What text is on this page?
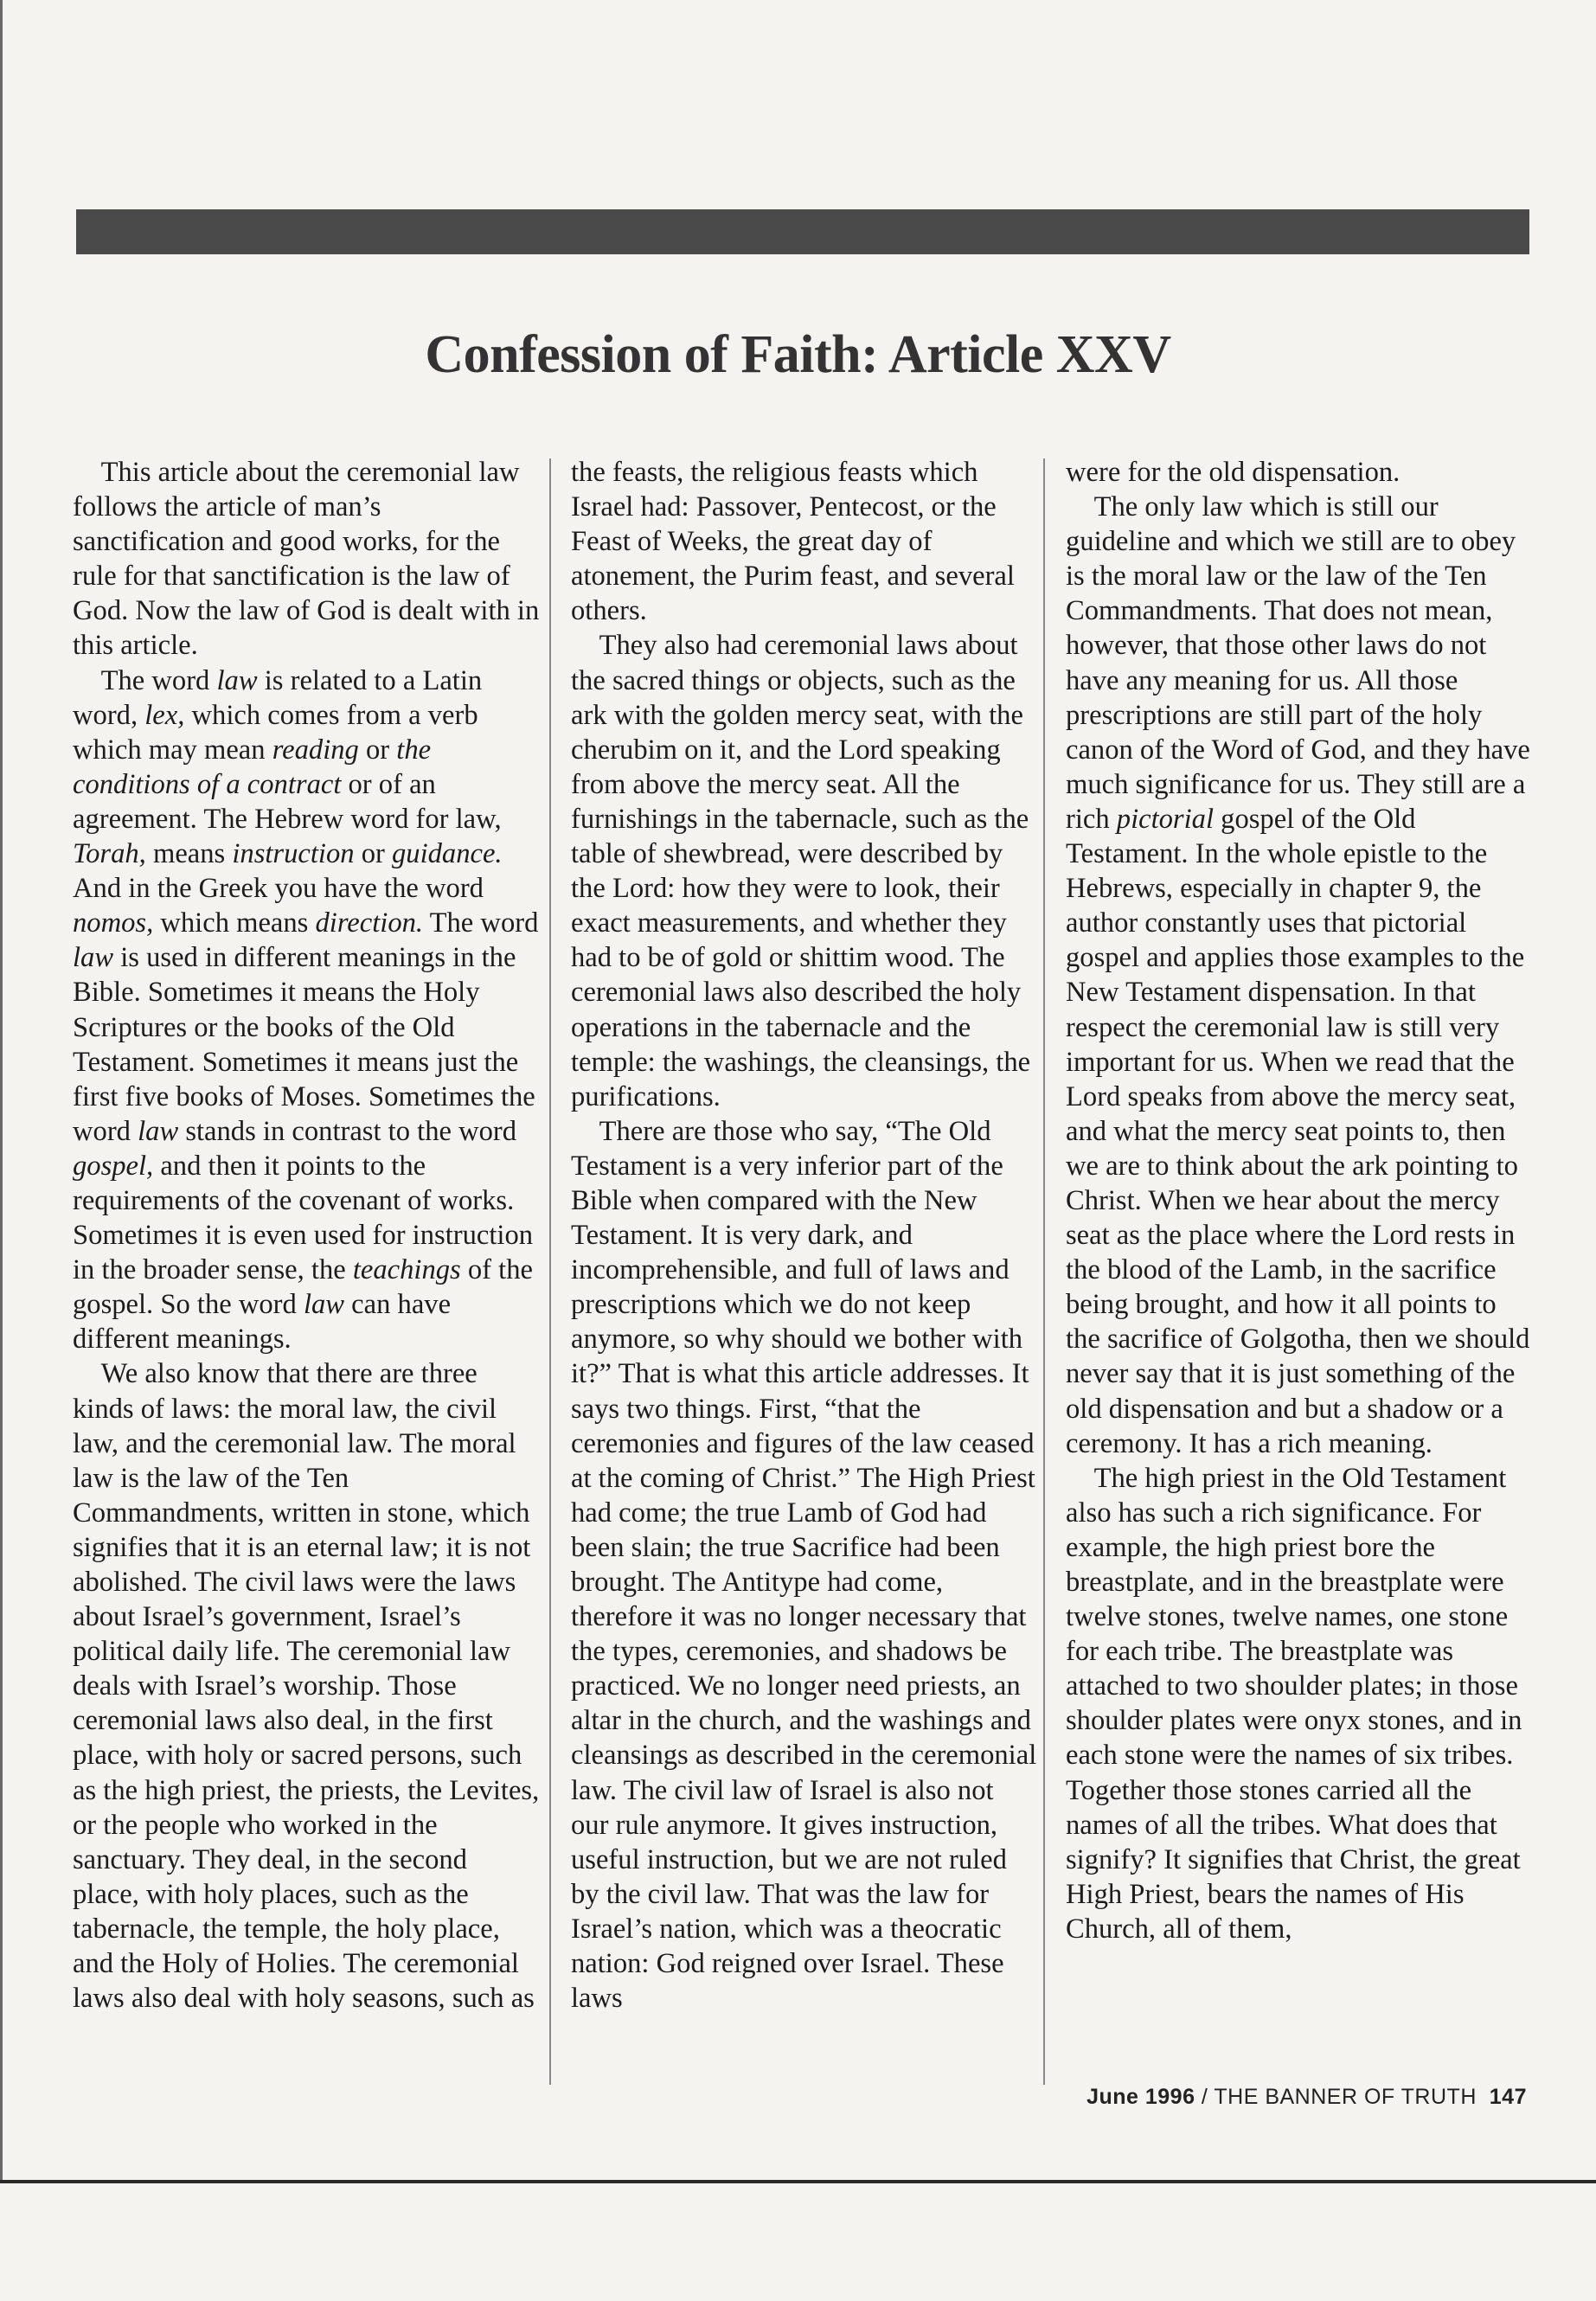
Confession of Faith: Article XXV

This article about the ceremonial law follows the article of man’s sanctification and good works, for the rule for that sanctification is the law of God. Now the law of God is dealt with in this article.

The word law is related to a Latin word, lex, which comes from a verb which may mean reading or the conditions of a contract or of an agreement. The Hebrew word for law, Torah, means instruction or guidance. And in the Greek you have the word nomos, which means direction. The word law is used in different meanings in the Bible. Sometimes it means the Holy Scriptures or the books of the Old Testament. Sometimes it means just the first five books of Moses. Sometimes the word law stands in contrast to the word gospel, and then it points to the requirements of the covenant of works. Sometimes it is even used for instruction in the broader sense, the teachings of the gospel. So the word law can have different meanings.

We also know that there are three kinds of laws: the moral law, the civil law, and the ceremonial law. The moral law is the law of the Ten Commandments, written in stone, which signifies that it is an eternal law; it is not abolished. The civil laws were the laws about Israel’s government, Israel’s political daily life. The ceremonial law deals with Israel’s worship. Those ceremonial laws also deal, in the first place, with holy or sacred persons, such as the high priest, the priests, the Levites, or the people who worked in the sanctuary. They deal, in the second place, with holy places, such as the tabernacle, the temple, the holy place, and the Holy of Holies. The ceremonial laws also deal with holy seasons, such as

the feasts, the religious feasts which Israel had: Passover, Pentecost, or the Feast of Weeks, the great day of atonement, the Purim feast, and several others.

They also had ceremonial laws about the sacred things or objects, such as the ark with the golden mercy seat, with the cherubim on it, and the Lord speaking from above the mercy seat. All the furnishings in the tabernacle, such as the table of shewbread, were described by the Lord: how they were to look, their exact measurements, and whether they had to be of gold or shittim wood. The ceremonial laws also described the holy operations in the tabernacle and the temple: the washings, the cleansings, the purifications.

There are those who say, “The Old Testament is a very inferior part of the Bible when compared with the New Testament. It is very dark, and incomprehensible, and full of laws and prescriptions which we do not keep anymore, so why should we bother with it?” That is what this article addresses. It says two things. First, “that the ceremonies and figures of the law ceased at the coming of Christ.” The High Priest had come; the true Lamb of God had been slain; the true Sacrifice had been brought. The Antitype had come, therefore it was no longer necessary that the types, ceremonies, and shadows be practiced. We no longer need priests, an altar in the church, and the washings and cleansings as described in the ceremonial law. The civil law of Israel is also not our rule anymore. It gives instruction, useful instruction, but we are not ruled by the civil law. That was the law for Israel’s nation, which was a theocratic nation: God reigned over Israel. These laws

were for the old dispensation.

The only law which is still our guideline and which we still are to obey is the moral law or the law of the Ten Commandments. That does not mean, however, that those other laws do not have any meaning for us. All those prescriptions are still part of the holy canon of the Word of God, and they have much significance for us. They still are a rich pictorial gospel of the Old Testament. In the whole epistle to the Hebrews, especially in chapter 9, the author constantly uses that pictorial gospel and applies those examples to the New Testament dispensation. In that respect the ceremonial law is still very important for us. When we read that the Lord speaks from above the mercy seat, and what the mercy seat points to, then we are to think about the ark pointing to Christ. When we hear about the mercy seat as the place where the Lord rests in the blood of the Lamb, in the sacrifice being brought, and how it all points to the sacrifice of Golgotha, then we should never say that it is just something of the old dispensation and but a shadow or a ceremony. It has a rich meaning.

The high priest in the Old Testament also has such a rich significance. For example, the high priest bore the breastplate, and in the breastplate were twelve stones, twelve names, one stone for each tribe. The breastplate was attached to two shoulder plates; in those shoulder plates were onyx stones, and in each stone were the names of six tribes. Together those stones carried all the names of all the tribes. What does that signify? It signifies that Christ, the great High Priest, bears the names of His Church, all of them,

June 1996 / THE BANNER OF TRUTH 147
